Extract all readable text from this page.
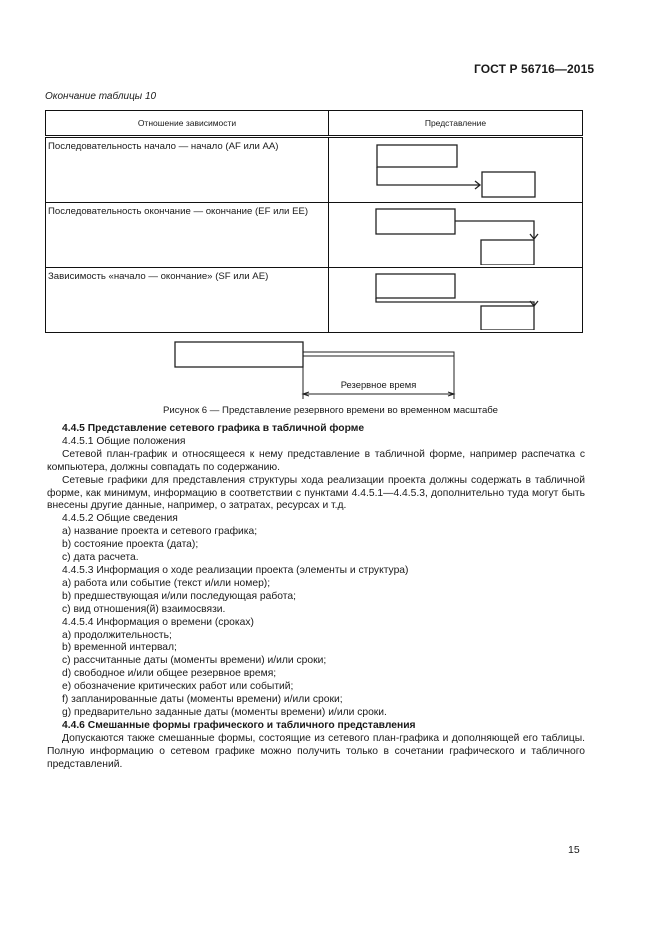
ГОСТ Р 56716—2015
Окончание таблицы 10
Отношение зависимости	Представление
Последовательность начало — начало (AF или AA)	

Последовательность окончание — окончание (EF или EE)	

Зависимость «начало — окончание» (SF или AE)	
Резервное время
Рисунок 6 — Представление резервного времени во временном масштабе
4.4.5 Представление сетевого графика в табличной форме
4.4.5.1 Общие положения
Сетевой план-график и относящееся к нему представление в табличной форме, например распечатка с компьютера, должны совпадать по содержанию.
Сетевые графики для представления структуры хода реализации проекта должны содержать в табличной форме, как минимум, информацию в соответствии с пунктами 4.4.5.1—4.4.5.3, дополнительно туда могут быть внесены другие данные, например, о затратах, ресурсах и т.д.
4.4.5.2 Общие сведения
a) название проекта и сетевого графика;
b) состояние проекта (дата);
c) дата расчета.
4.4.5.3 Информация о ходе реализации проекта (элементы и структура)
a) работа или событие (текст и/или номер);
b) предшествующая и/или последующая работа;
c) вид отношения(й) взаимосвязи.
4.4.5.4 Информация о времени (сроках)
a) продолжительность;
b) временной интервал;
c) рассчитанные даты (моменты времени) и/или сроки;
d) свободное и/или общее резервное время;
e) обозначение критических работ или событий;
f) запланированные даты (моменты времени) и/или сроки;
g) предварительно заданные даты (моменты времени) и/или сроки.
4.4.6 Смешанные формы графического и табличного представления
Допускаются также смешанные формы, состоящие из сетевого план-графика и дополняющей его таблицы. Полную информацию о сетевом графике можно получить только в сочетании графического и табличного представлений.
15
